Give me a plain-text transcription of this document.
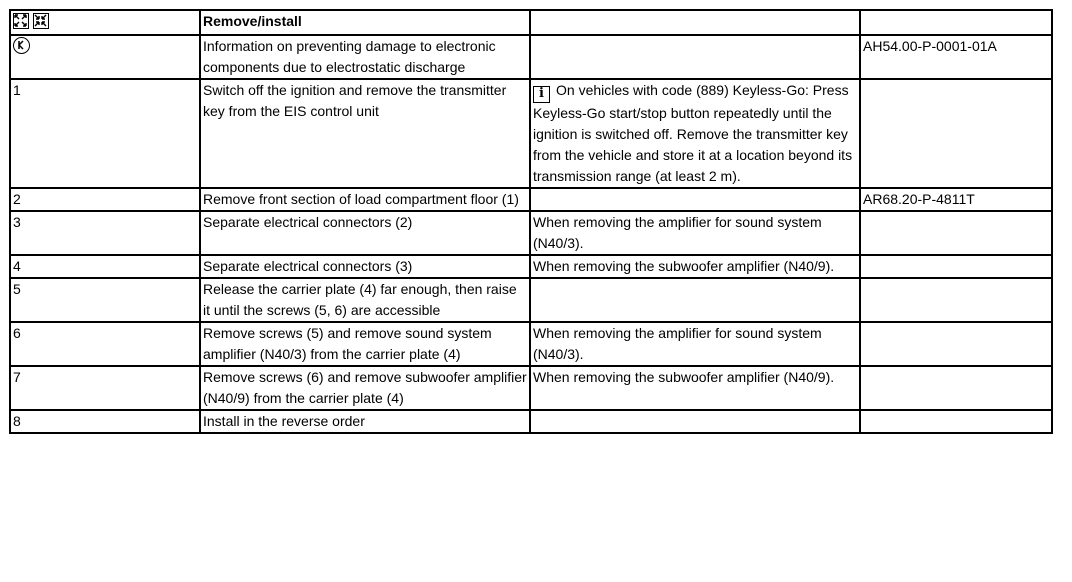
	Remove/install		

	Information on preventing damage to electronic components due to electrostatic discharge		AH54.00-P-0001-01A
1	Switch off the ignition and remove the transmitter key from the EIS control unit	i On vehicles with code (889) Keyless-Go: Press Keyless-Go start/stop button repeatedly until the ignition is switched off. Remove the transmitter key from the vehicle and store it at a location beyond its transmission range (at least 2 m).	
2	Remove front section of load compartment floor (1)		AR68.20-P-4811T
3	Separate electrical connectors (2)	When removing the amplifier for sound system (N40/3).	
4	Separate electrical connectors (3)	When removing the subwoofer amplifier (N40/9).	
5	Release the carrier plate (4) far enough, then raise it until the screws (5, 6) are accessible		
6	Remove screws (5) and remove sound system amplifier (N40/3) from the carrier plate (4)	When removing the amplifier for sound system (N40/3).	
7	Remove screws (6) and remove subwoofer amplifier (N40/9) from the carrier plate (4)	When removing the subwoofer amplifier (N40/9).	
8	Install in the reverse order		
